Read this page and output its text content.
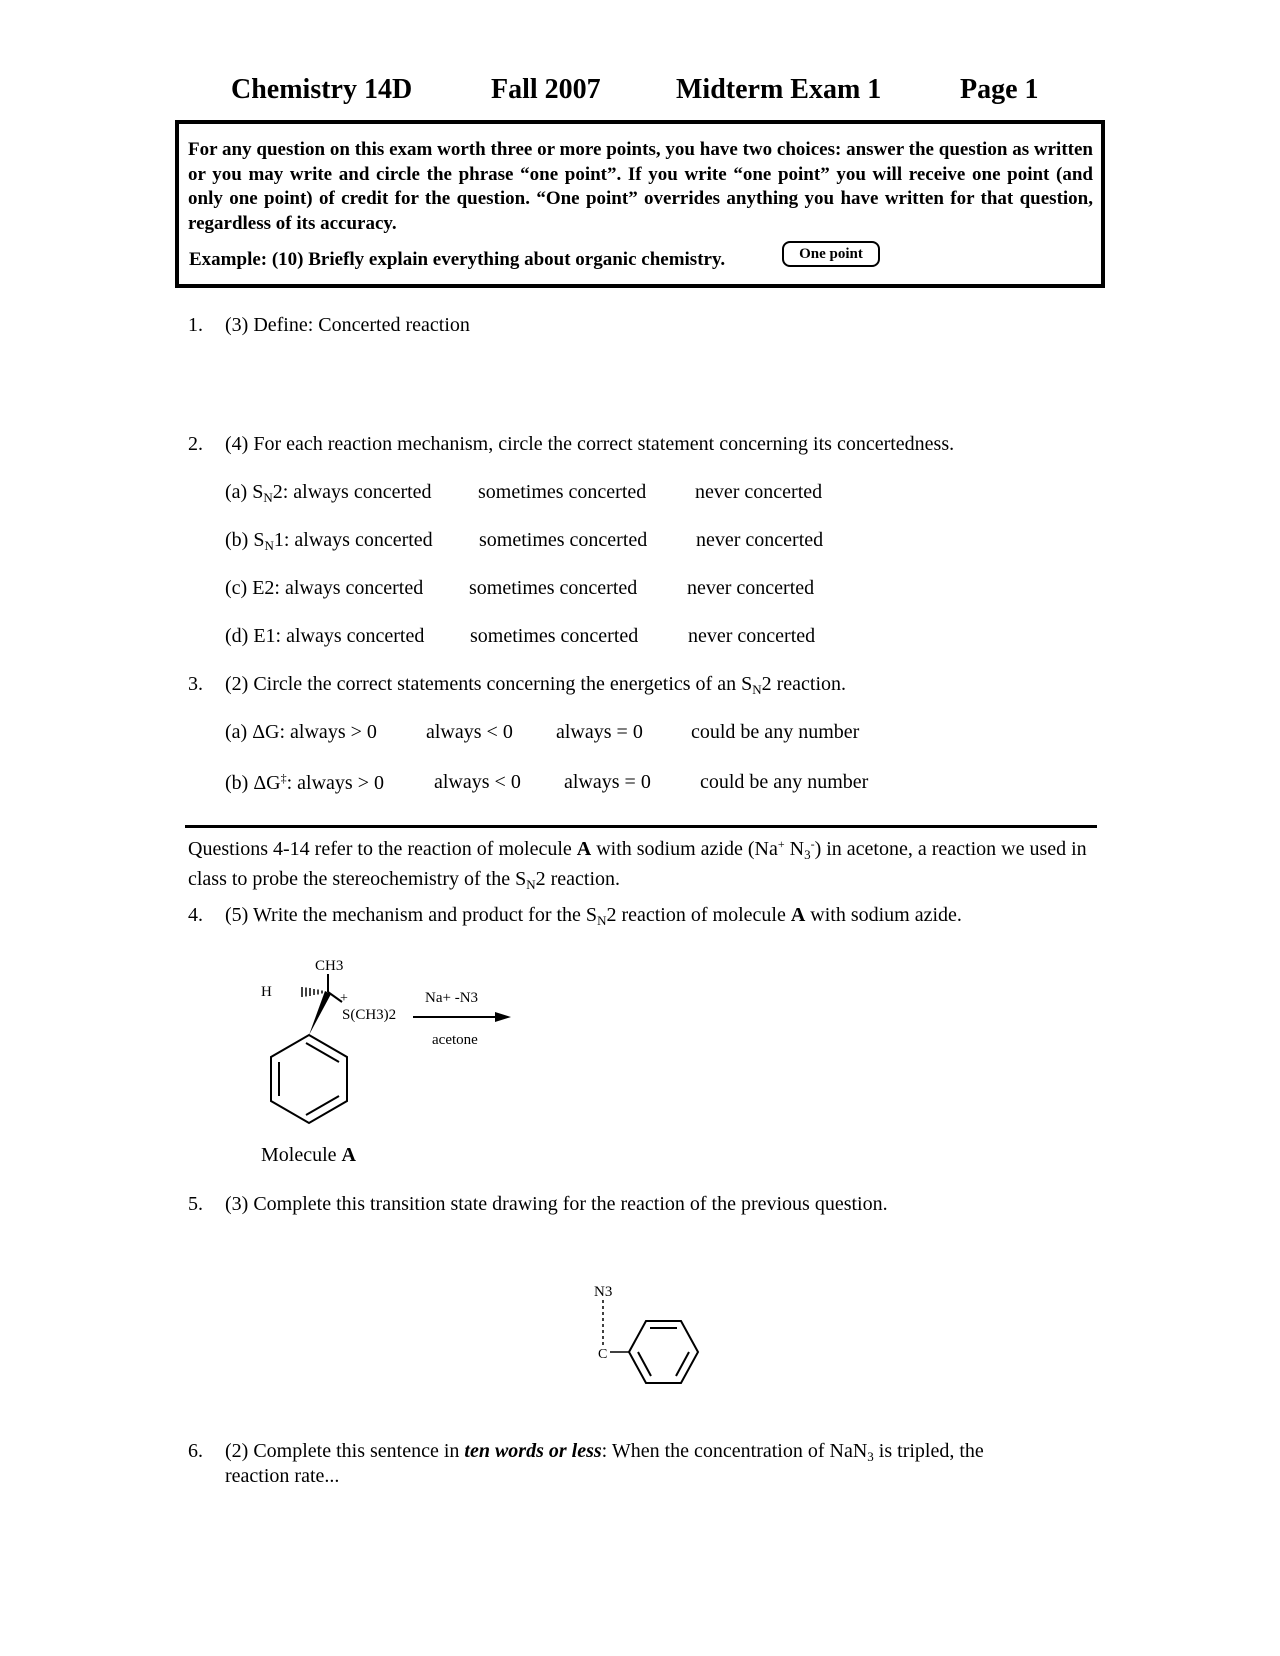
Chemistry 14D	Fall 2007	Midterm Exam 1	Page 1
For any question on this exam worth three or more points, you have two choices: answer the question as written or you may write and circle the phrase “one point”. If you write “one point” you will receive one point (and only one point) of credit for the question. “One point” overrides anything you have written for that question, regardless of its accuracy.
Example: (10) Briefly explain everything about organic chemistry.	One point
1. (3) Define: Concerted reaction
2. (4) For each reaction mechanism, circle the correct statement concerning its concertedness.
(a) $S_N2$: always concerted sometimes concerted never concerted
(b) $S_N1$: always concerted sometimes concerted never concerted
(c) E2: always concerted sometimes concerted never concerted
(d) E1: always concerted sometimes concerted never concerted
3. (2) Circle the correct statements concerning the energetics of an $S_N2$ reaction.
(a) ΔG: always > 0 always < 0 always = 0 could be any number
(b) ΔG‡: always > 0	always < 0 always = 0 could be any number
Questions 4-14 refer to the reaction of molecule A with sodium azide (Na+ $N_3^-$) in acetone, a reaction we used in class to probe the stereochemistry of the $S_N2$ reaction.
4. (5) Write the mechanism and product for the $S_N2$ reaction of molecule A with sodium azide.
CH3
H	+
S(CH3)2
Na+ -N3
acetone
Molecule A
5. (3) Complete this transition state drawing for the reaction of the previous question.
N3
C
6. (2) Complete this sentence in ten words or less: When the concentration of NaN$_3$ is tripled, the
reaction rate...
